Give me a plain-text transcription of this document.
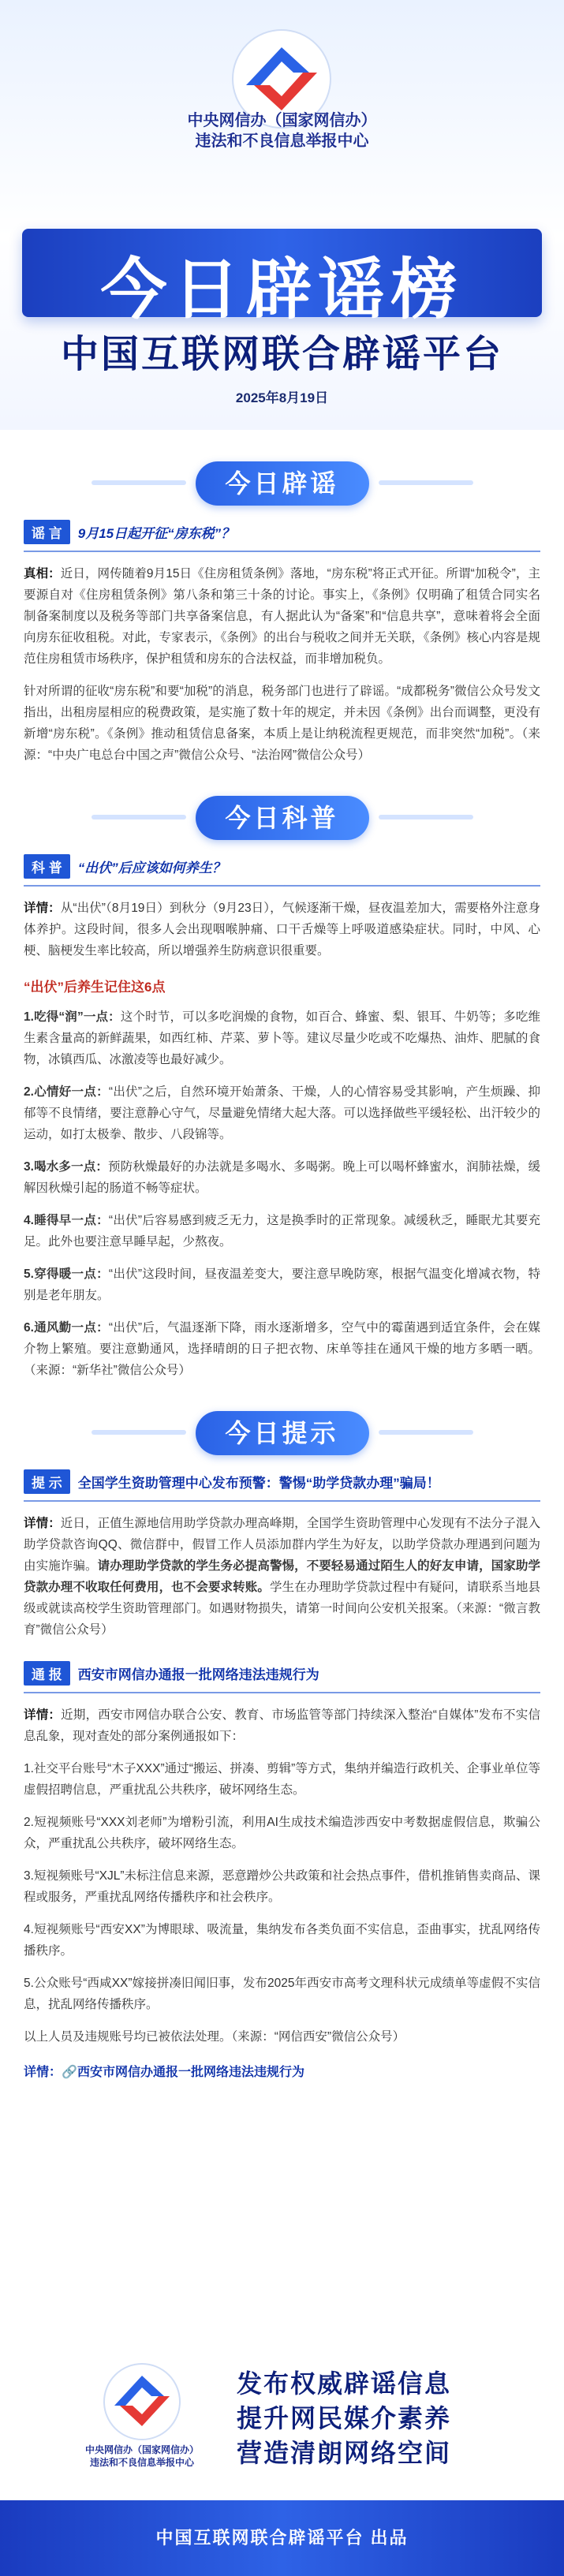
中央网信办（国家网信办）
违法和不良信息举报中心
今日辟谣榜
中国互联网联合辟谣平台
2025年8月19日
今日辟谣
谣 言 9月15日起开征“房东税”？

真相：近日，网传随着9月15日《住房租赁条例》落地，“房东税”将正式开征。所谓“加税令”，主要源自对《住房租赁条例》第八条和第三十条的讨论。事实上，《条例》仅明确了租赁合同实名制备案制度以及税务等部门共享备案信息，有人据此认为“备案”和“信息共享”，意味着将会全面向房东征收租税。对此，专家表示，《条例》的出台与税收之间并无关联，《条例》核心内容是规范住房租赁市场秩序，保护租赁和房东的合法权益，而非增加税负。

针对所谓的征收“房东税”和要“加税”的消息，税务部门也进行了辟谣。“成都税务”微信公众号发文指出，出租房屋相应的税费政策，是实施了数十年的规定，并未因《条例》出台而调整，更没有新增“房东税”。《条例》推动租赁信息备案，本质上是让纳税流程更规范，而非突然“加税”。（来源：“中央广电总台中国之声”微信公众号、“法治网”微信公众号）

今日科普
科 普 “出伏”后应该如何养生？

详情：从“出伏”（8月19日）到秋分（9月23日），气候逐渐干燥，昼夜温差加大，需要格外注意身体养护。这段时间，很多人会出现咽喉肿痛、口干舌燥等上呼吸道感染症状。同时，中风、心梗、脑梗发生率比较高，所以增强养生防病意识很重要。

“出伏”后养生记住这6点

1.吃得“润”一点：这个时节，可以多吃润燥的食物，如百合、蜂蜜、梨、银耳、牛奶等；多吃维生素含量高的新鲜蔬果，如西红柿、芹菜、萝卜等。建议尽量少吃或不吃爆热、油炸、肥腻的食物，冰镇西瓜、冰激凌等也最好减少。

2.心情好一点：“出伏”之后，自然环境开始萧条、干燥，人的心情容易受其影响，产生烦躁、抑郁等不良情绪，要注意静心守气，尽量避免情绪大起大落。可以选择做些平缓轻松、出汗较少的运动，如打太极拳、散步、八段锦等。

3.喝水多一点：预防秋燥最好的办法就是多喝水、多喝粥。晚上可以喝杯蜂蜜水，润肺祛燥，缓解因秋燥引起的肠道不畅等症状。

4.睡得早一点：“出伏”后容易感到疲乏无力，这是换季时的正常现象。减缓秋乏，睡眠尤其要充足。此外也要注意早睡早起，少熬夜。

5.穿得暖一点：“出伏”这段时间，昼夜温差变大，要注意早晚防寒，根据气温变化增减衣物，特别是老年朋友。

6.通风勤一点：“出伏”后，气温逐渐下降，雨水逐渐增多，空气中的霉菌遇到适宜条件，会在媒介物上繁殖。要注意勤通风，选择晴朗的日子把衣物、床单等挂在通风干燥的地方多晒一晒。（来源：“新华社”微信公众号）

今日提示
提 示 全国学生资助管理中心发布预警：警惕“助学贷款办理”骗局！

详情：近日，正值生源地信用助学贷款办理高峰期，全国学生资助管理中心发现有不法分子混入助学贷款咨询QQ、微信群中，假冒工作人员添加群内学生为好友，以助学贷款办理遇到问题为由实施诈骗。请办理助学贷款的学生务必提高警惕，不要轻易通过陌生人的好友申请，国家助学贷款办理不收取任何费用，也不会要求转账。学生在办理助学贷款过程中有疑问，请联系当地县级或就读高校学生资助管理部门。如遇财物损失，请第一时间向公安机关报案。（来源：“微言教育”微信公众号）

通 报 西安市网信办通报一批网络违法违规行为

详情：近期，西安市网信办联合公安、教育、市场监管等部门持续深入整治“自媒体”发布不实信息乱象，现对查处的部分案例通报如下：

1.社交平台账号“木子XXX”通过“搬运、拼凑、剪辑”等方式，集纳并编造行政机关、企事业单位等虚假招聘信息，严重扰乱公共秩序，破坏网络生态。

2.短视频账号“XXX刘老师”为增粉引流，利用AI生成技术编造涉西安中考数据虚假信息，欺骗公众，严重扰乱公共秩序，破坏网络生态。

3.短视频账号“XJL”未标注信息来源，恶意蹭炒公共政策和社会热点事件，借机推销售卖商品、课程或服务，严重扰乱网络传播秩序和社会秩序。

4.短视频账号“西安XX”为博眼球、吸流量，集纳发布各类负面不实信息，歪曲事实，扰乱网络传播秩序。

5.公众账号“西咸XX”嫁接拼凑旧闻旧事，发布2025年西安市高考文理科状元成绩单等虚假不实信息，扰乱网络传播秩序。

以上人员及违规账号均已被依法处理。（来源：“网信西安”微信公众号）

详情：🔗西安市网信办通报一批网络违法违规行为
中央网信办（国家网信办）
违法和不良信息举报中心
发布权威辟谣信息
提升网民媒介素养
营造清朗网络空间
中国互联网联合辟谣平台 出品
